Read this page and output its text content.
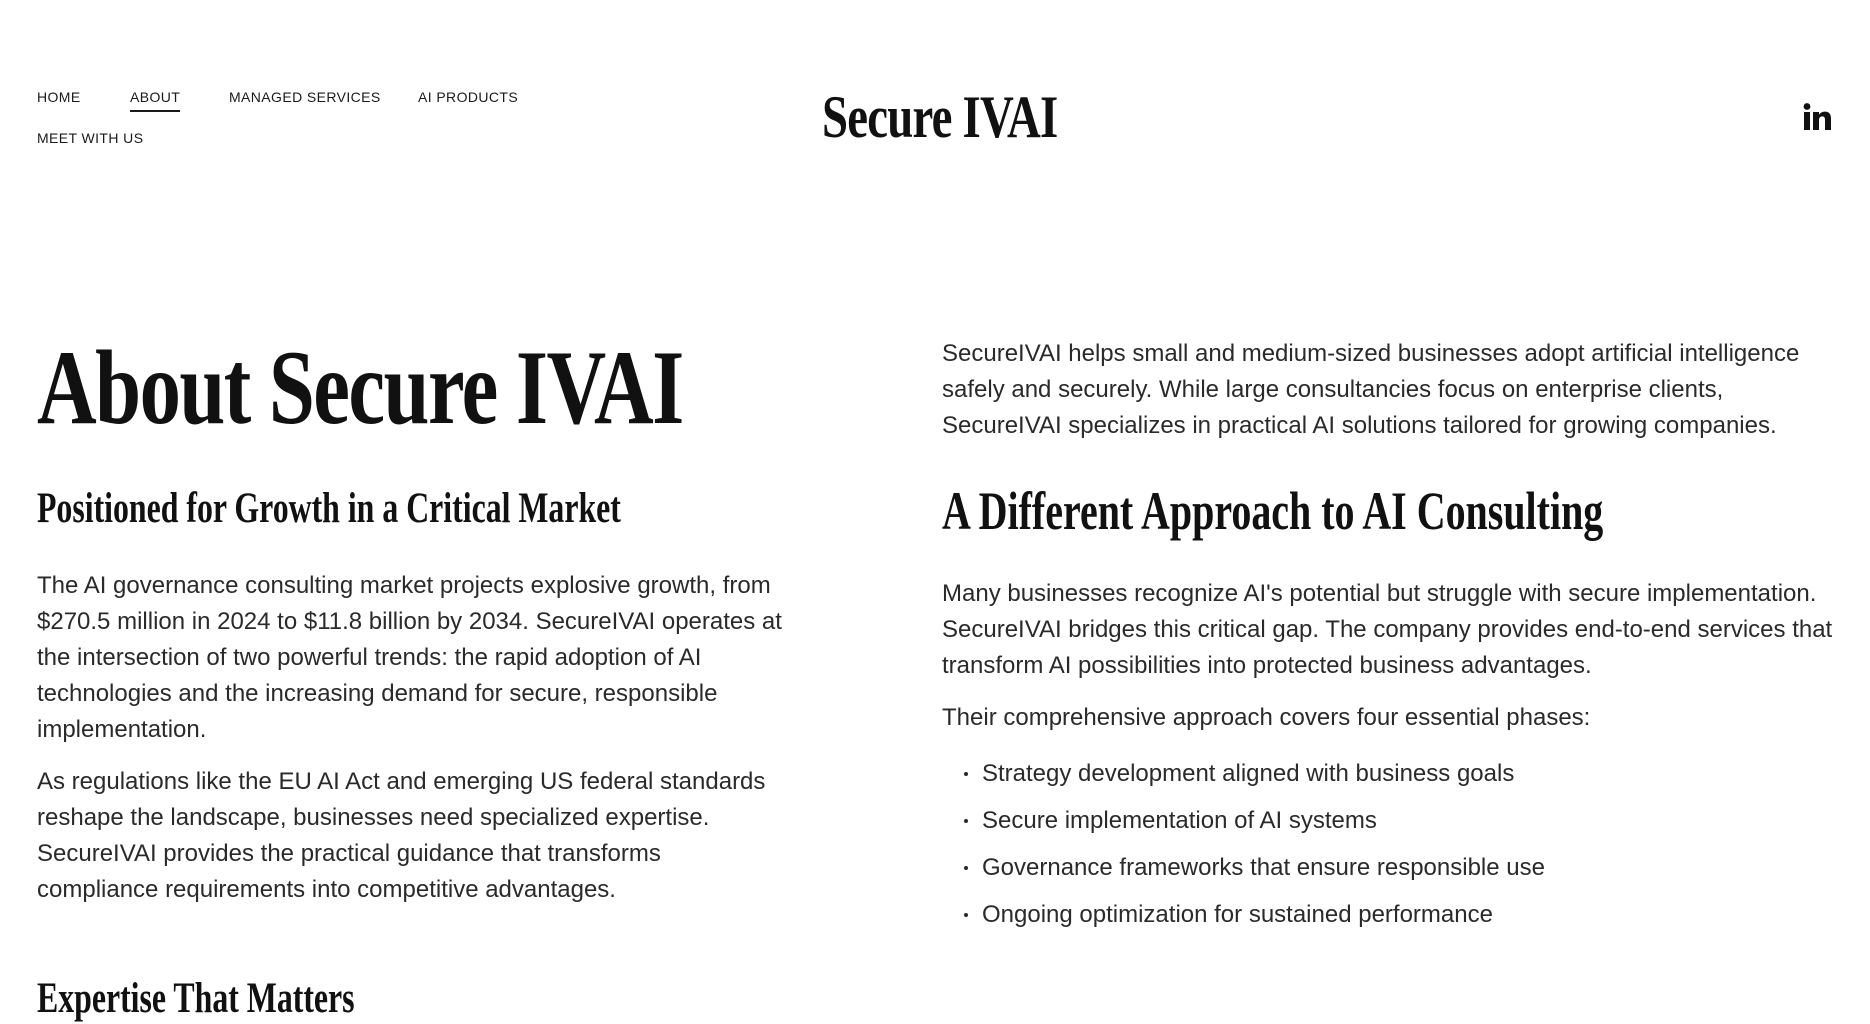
HOME	ABOUT	MANAGED SERVICES	AI PRODUCTS
MEET WITH US	Secure IVAI
About Secure IVAI
Positioned for Growth in a Critical Market

The AI governance consulting market projects explosive growth, from $270.5 million in 2024 to $11.8 billion by 2034. SecureIVAI operates at the intersection of two powerful trends: the rapid adoption of AI technologies and the increasing demand for secure, responsible implementation.

As regulations like the EU AI Act and emerging US federal standards reshape the landscape, businesses need specialized expertise. SecureIVAI provides the practical guidance that transforms compliance requirements into competitive advantages.

SecureIVAI helps small and medium-sized businesses adopt artificial intelligence safely and securely. While large consultancies focus on enterprise clients, SecureIVAI specializes in practical AI solutions tailored for growing companies.

A Different Approach to AI Consulting

Many businesses recognize AI's potential but struggle with secure implementation. SecureIVAI bridges this critical gap. The company provides end-to-end services that transform AI possibilities into protected business advantages.

Their comprehensive approach covers four essential phases:

Strategy development aligned with business goals
Secure implementation of AI systems
Governance frameworks that ensure responsible use
Ongoing optimization for sustained performance
Expertise That Matters
